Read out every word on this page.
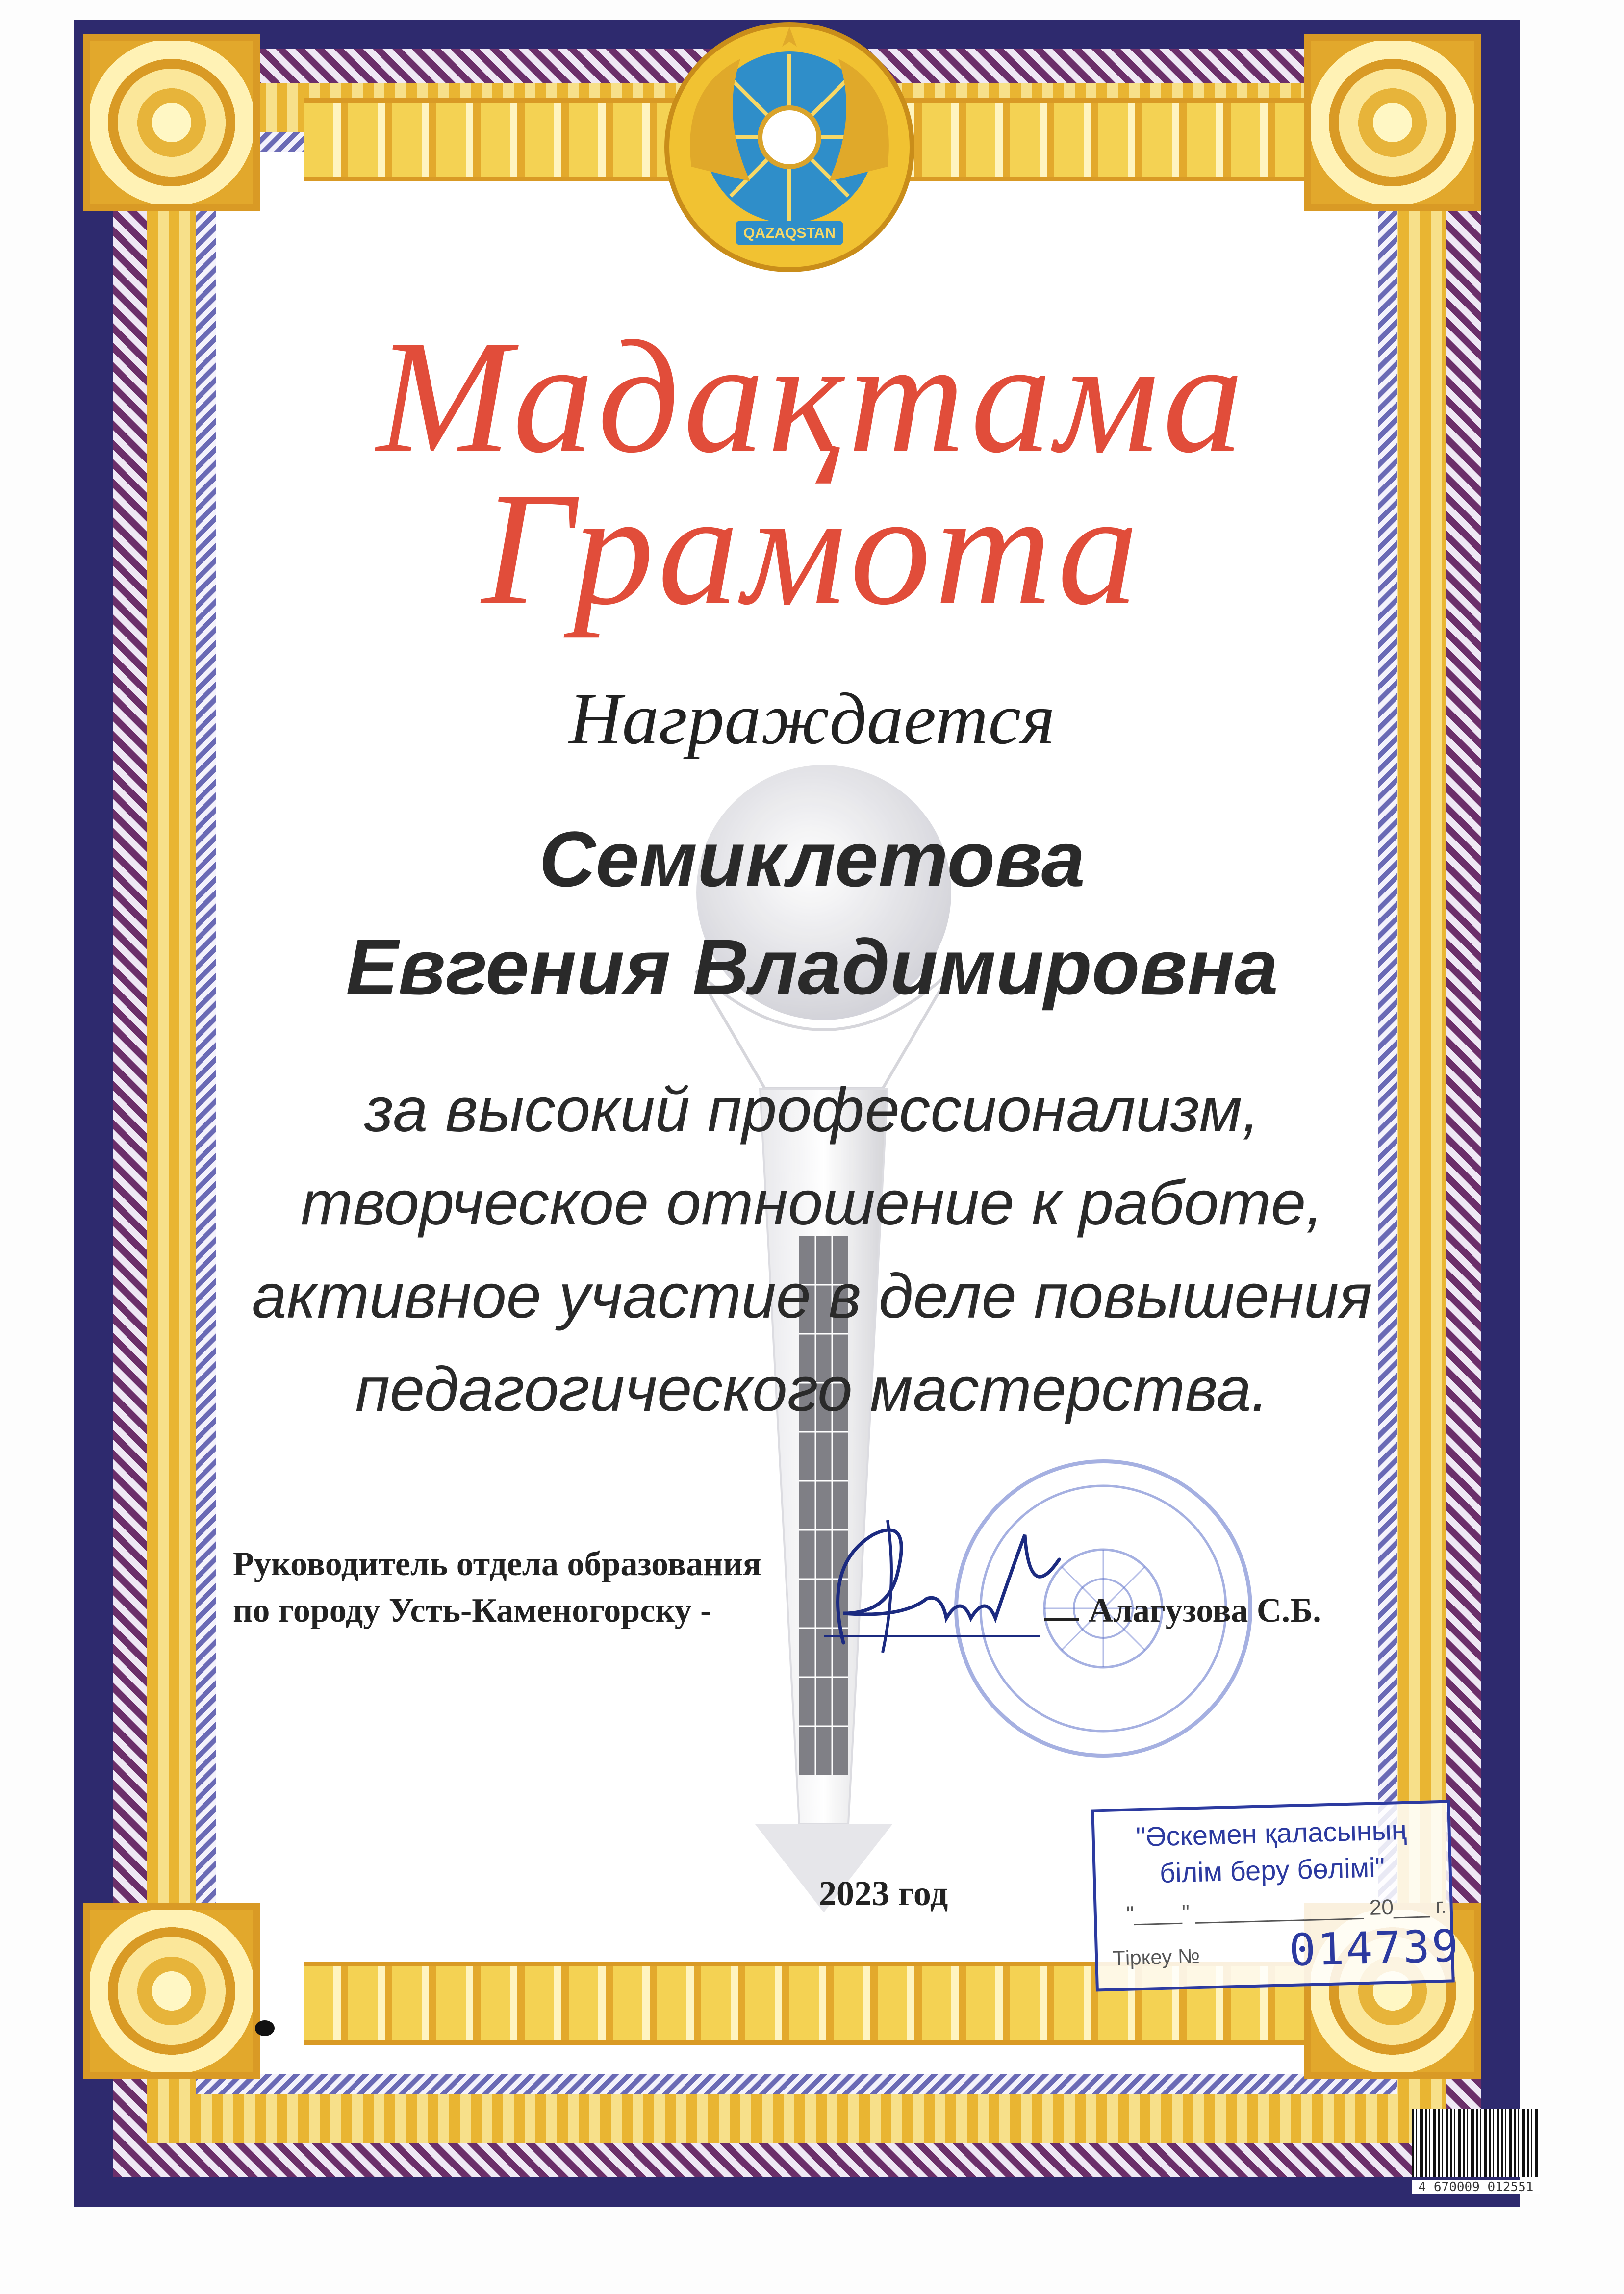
QAZAQSTAN
Мадақтама
Грамота
Награждается
Семиклетова
Евгения Владимировна
за высокий профессионализм,
творческое отношение к работе,
активное участие в деле повышения
педагогического мастерства.
Руководитель отдела образования
по городу Усть-Каменогорску -	Алагузова С.Б.
2023 год
"Әскемен қаласының
білім беру бөлімі"
"____" ______________ 20___ г.
Тіркеу № 014739
4 670009 012551
